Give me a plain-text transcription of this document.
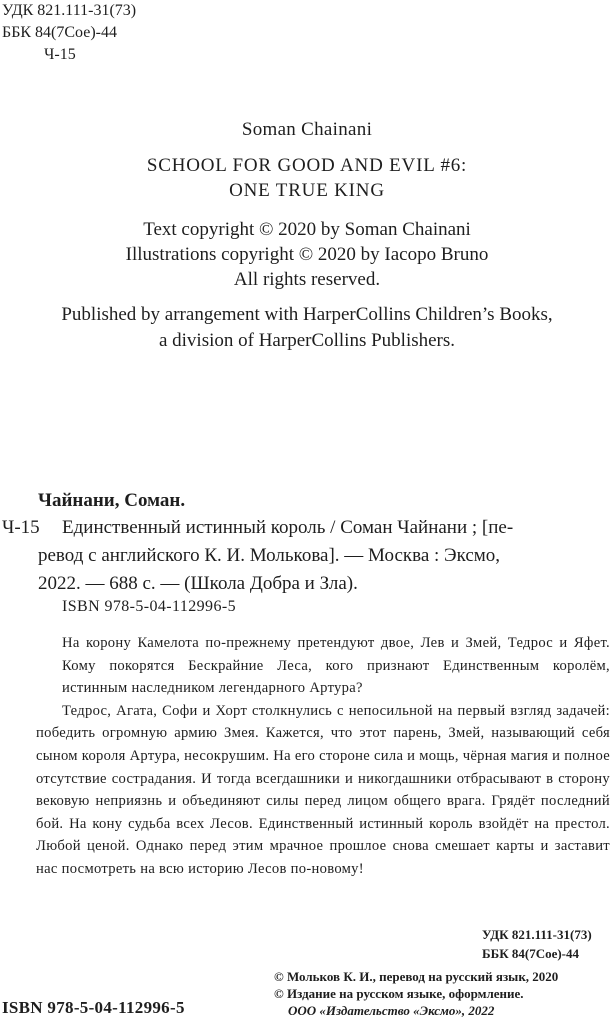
УДК 821.111-31(73)
ББК 84(7Сое)-44
Ч-15
Soman Chainani
SCHOOL FOR GOOD AND EVIL #6:
ONE TRUE KING
Text copyright © 2020 by Soman Chainani
Illustrations copyright © 2020 by Iacopo Bruno
All rights reserved.
Published by arrangement with HarperCollins Children’s Books,
a division of HarperCollins Publishers.
Чайнани, Соман.
Ч-15 Единственный истинный король / Соман Чайнани ; [пе-

ревод с английского К. И. Молькова]. — Москва : Эксмо,

2022. — 688 с. — (Школа Добра и Зла).

ISBN 978-5-04-112996-5

На корону Камелота по-прежнему претендуют двое, Лев и Змей, Тедрос и Яфет. Кому покорятся Бескрайние Леса, кого признают Единственным королём, истинным наследником легендарного Артура?

Тедрос, Агата, Софи и Хорт столкнулись с непосильной на первый взгляд задачей: победить огромную армию Змея. Кажется, что этот парень, Змей, называющий себя сыном короля Артура, несокрушим. На его стороне сила и мощь, чёрная магия и полное отсутствие сострадания. И тогда всегдашники и никогдашники отбрасывают в сторону вековую неприязнь и объединяют силы перед лицом общего врага. Грядёт последний бой. На кону судьба всех Лесов. Единственный истинный король взойдёт на престол. Любой ценой. Однако перед этим мрачное прошлое снова смешает карты и заставит нас посмотреть на всю историю Лесов по-новому!

УДК 821.111-31(73)
ББК 84(7Сое)-44
© Мольков К. И., перевод на русский язык, 2020
© Издание на русском языке, оформление.
ООО «Издательство «Эксмо», 2022
ISBN 978-5-04-112996-5
